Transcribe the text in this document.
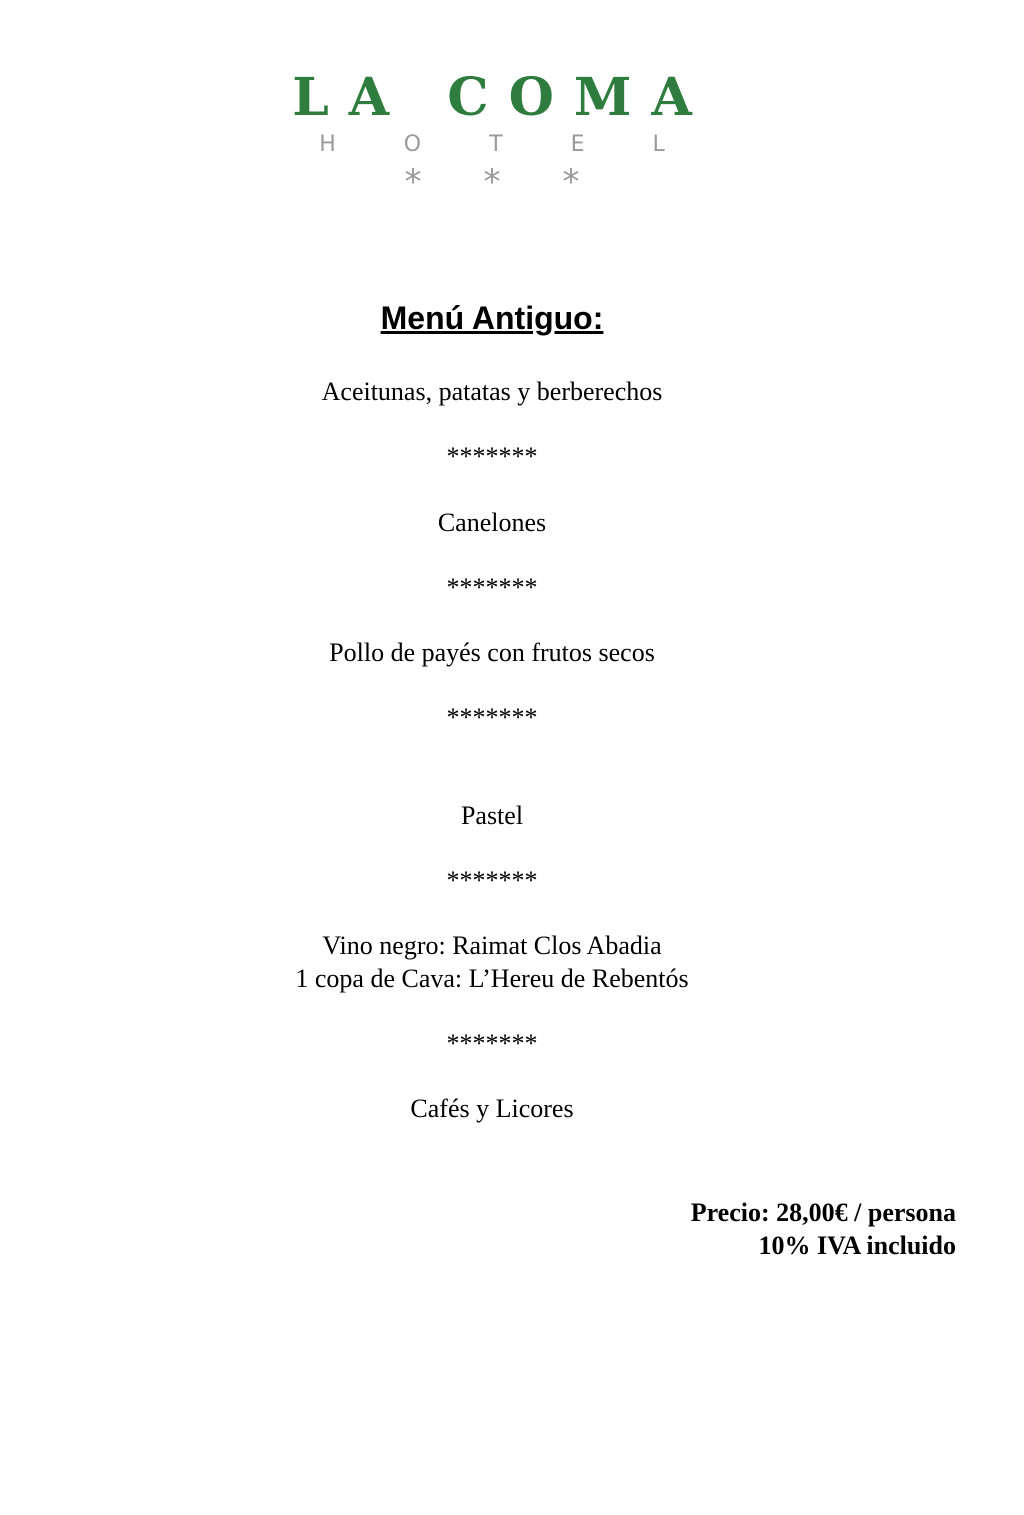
LA COMA
HOTEL
***
Menú Antiguo:
Aceitunas, patatas y berberechos
*******
Canelones
*******
Pollo de payés con frutos secos
*******
Pastel
*******
Vino negro: Raimat Clos Abadia
1 copa de Cava: L’Hereu de Rebentós
*******
Cafés y Licores
Precio: 28,00€ / persona
10% IVA incluido
